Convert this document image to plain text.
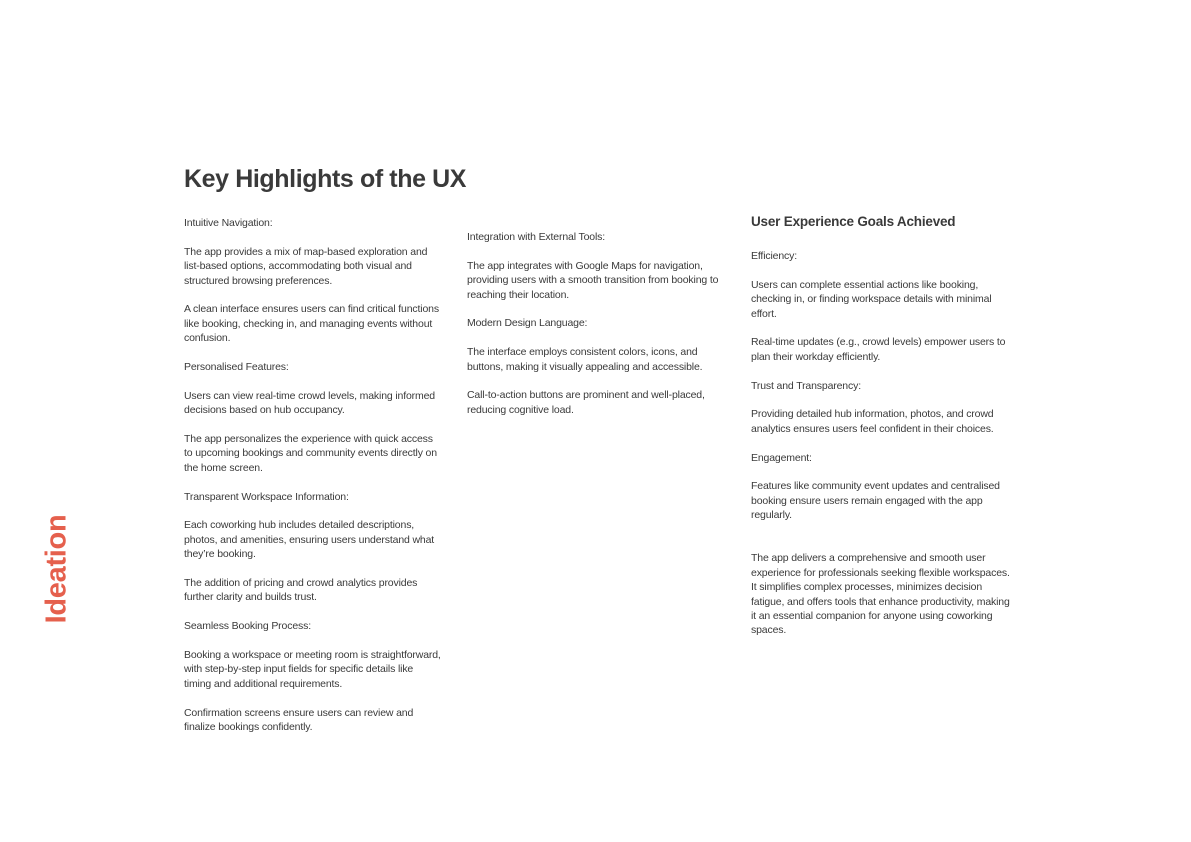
Ideation
Key Highlights of the UX

Intuitive Navigation:

The app provides a mix of map-based exploration and list-based options, accommodating both visual and structured browsing preferences.

A clean interface ensures users can find critical functions like booking, checking in, and managing events without confusion.

Personalised Features:

Users can view real-time crowd levels, making informed decisions based on hub occupancy.

The app personalizes the experience with quick access to upcoming bookings and community events directly on the home screen.

Transparent Workspace Information:

Each coworking hub includes detailed descriptions, photos, and amenities, ensuring users understand what they’re booking.

The addition of pricing and crowd analytics provides further clarity and builds trust.

Seamless Booking Process:

Booking a workspace or meeting room is straightforward, with step-by-step input fields for specific details like timing and additional requirements.

Confirmation screens ensure users can review and finalize bookings confidently.

Integration with External Tools:

The app integrates with Google Maps for navigation, providing users with a smooth transition from booking to reaching their location.

Modern Design Language:

The interface employs consistent colors, icons, and buttons, making it visually appealing and accessible.

Call-to-action buttons are prominent and well-placed, reducing cognitive load.

User Experience Goals Achieved

Efficiency:

Users can complete essential actions like booking, checking in, or finding workspace details with minimal effort.

Real-time updates (e.g., crowd levels) empower users to plan their workday efficiently.

Trust and Transparency:

Providing detailed hub information, photos, and crowd analytics ensures users feel confident in their choices.

Engagement:

Features like community event updates and centralised booking ensure users remain engaged with the app regularly.

The app delivers a comprehensive and smooth user experience for professionals seeking flexible workspaces. It simplifies complex processes, minimizes decision fatigue, and offers tools that enhance productivity, making it an essential companion for anyone using coworking spaces.
